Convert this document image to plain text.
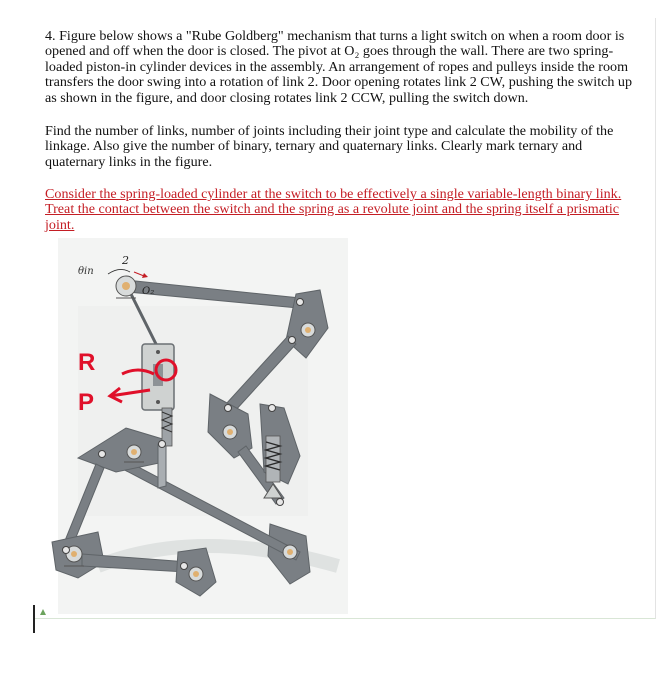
4. Figure below shows a "Rube Goldberg" mechanism that turns a light switch on when a room door is opened and off when the door is closed. The pivot at O₂ goes through the wall. There are two spring-loaded piston-in cylinder devices in the assembly. An arrangement of ropes and pulleys inside the room transfers the door swing into a rotation of link 2. Door opening rotates link 2 CW, pushing the switch up as shown in the figure, and door closing rotates link 2 CCW, pulling the switch down.

Find the number of links, number of joints including their joint type and calculate the mobility of the linkage. Also give the number of binary, ternary and quaternary links. Clearly mark ternary and quaternary links in the figure.

Consider the spring-loaded cylinder at the switch to be effectively a single variable-length binary link. Treat the contact between the switch and the spring as a revolute joint and the spring itself a prismatic joint.

2
θin
O₂
R
P
